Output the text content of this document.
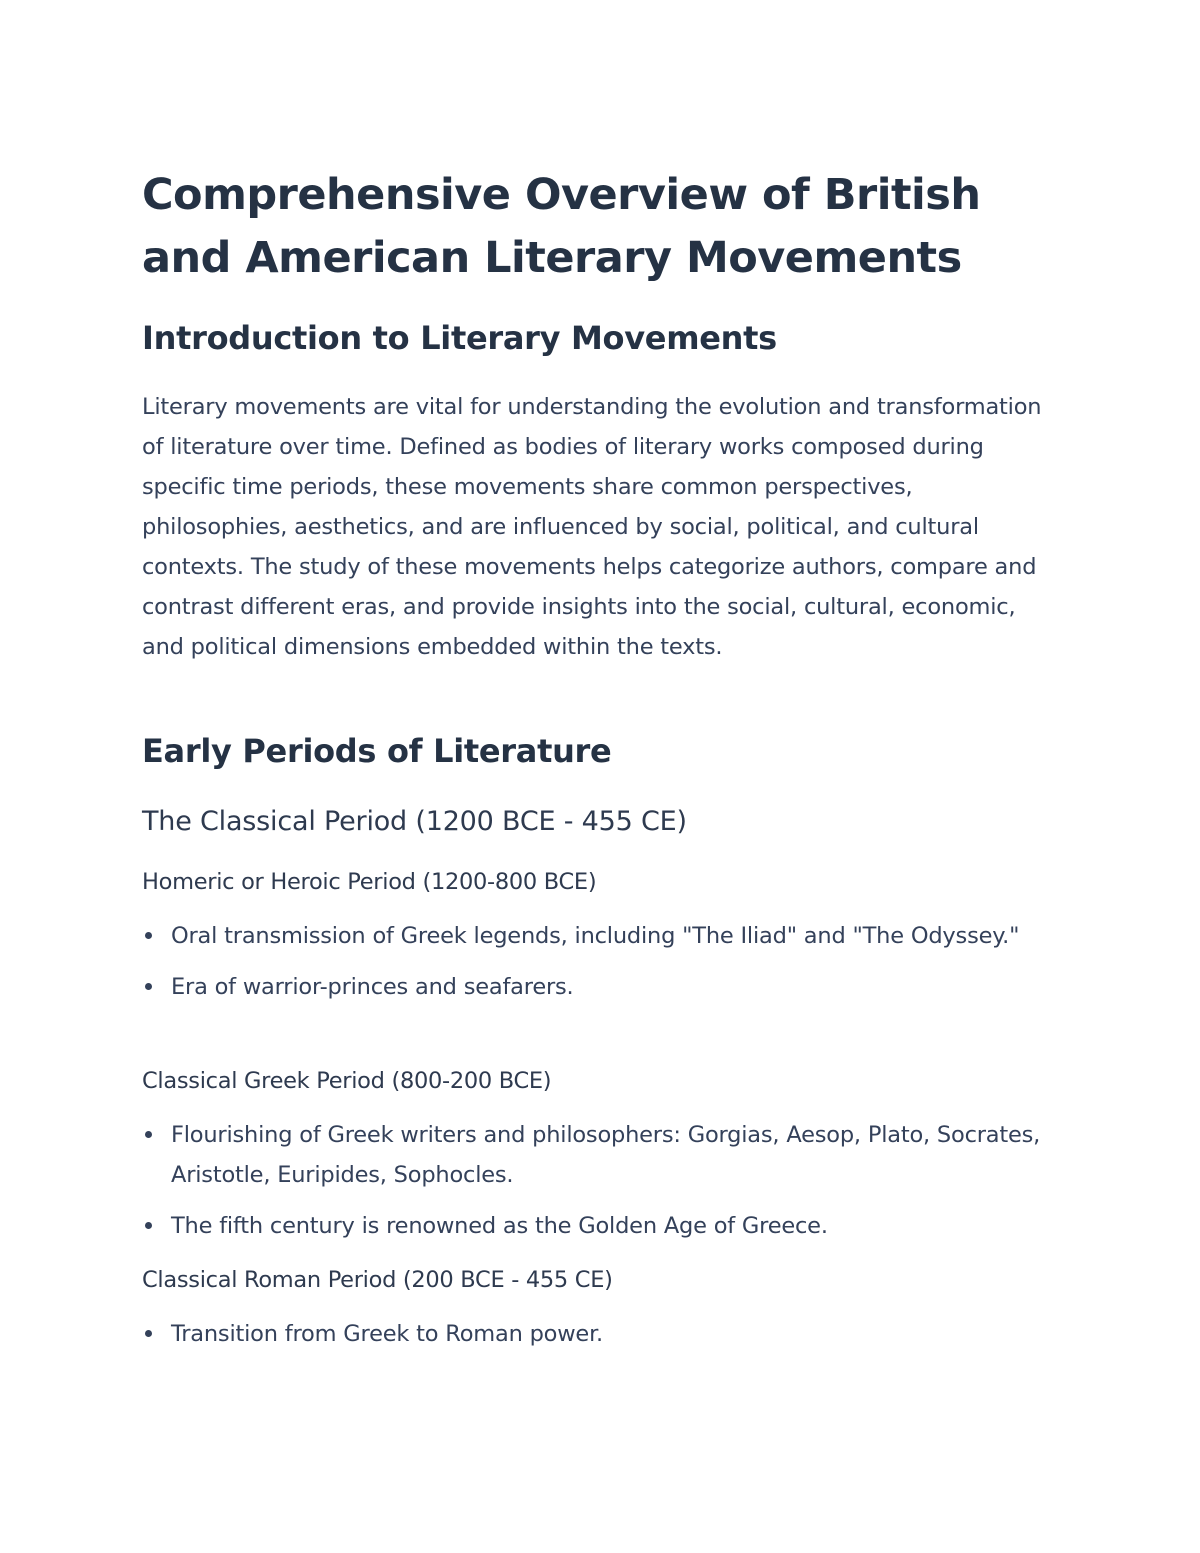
Comprehensive Overview of British and American Literary Movements
Introduction to Literary Movements

Literary movements are vital for understanding the evolution and transformation of literature over time. Defined as bodies of literary works composed during specific time periods, these movements share common perspectives, philosophies, aesthetics, and are influenced by social, political, and cultural contexts. The study of these movements helps categorize authors, compare and contrast different eras, and provide insights into the social, cultural, economic, and political dimensions embedded within the texts.

Early Periods of Literature
The Classical Period (1200 BCE - 455 CE)
Homeric or Heroic Period (1200-800 BCE)
Oral transmission of Greek legends, including "The Iliad" and "The Odyssey."
Era of warrior-princes and seafarers.
Classical Greek Period (800-200 BCE)
Flourishing of Greek writers and philosophers: Gorgias, Aesop, Plato, Socrates, Aristotle, Euripides, Sophocles.
The fifth century is renowned as the Golden Age of Greece.
Classical Roman Period (200 BCE - 455 CE)
Transition from Greek to Roman power.
